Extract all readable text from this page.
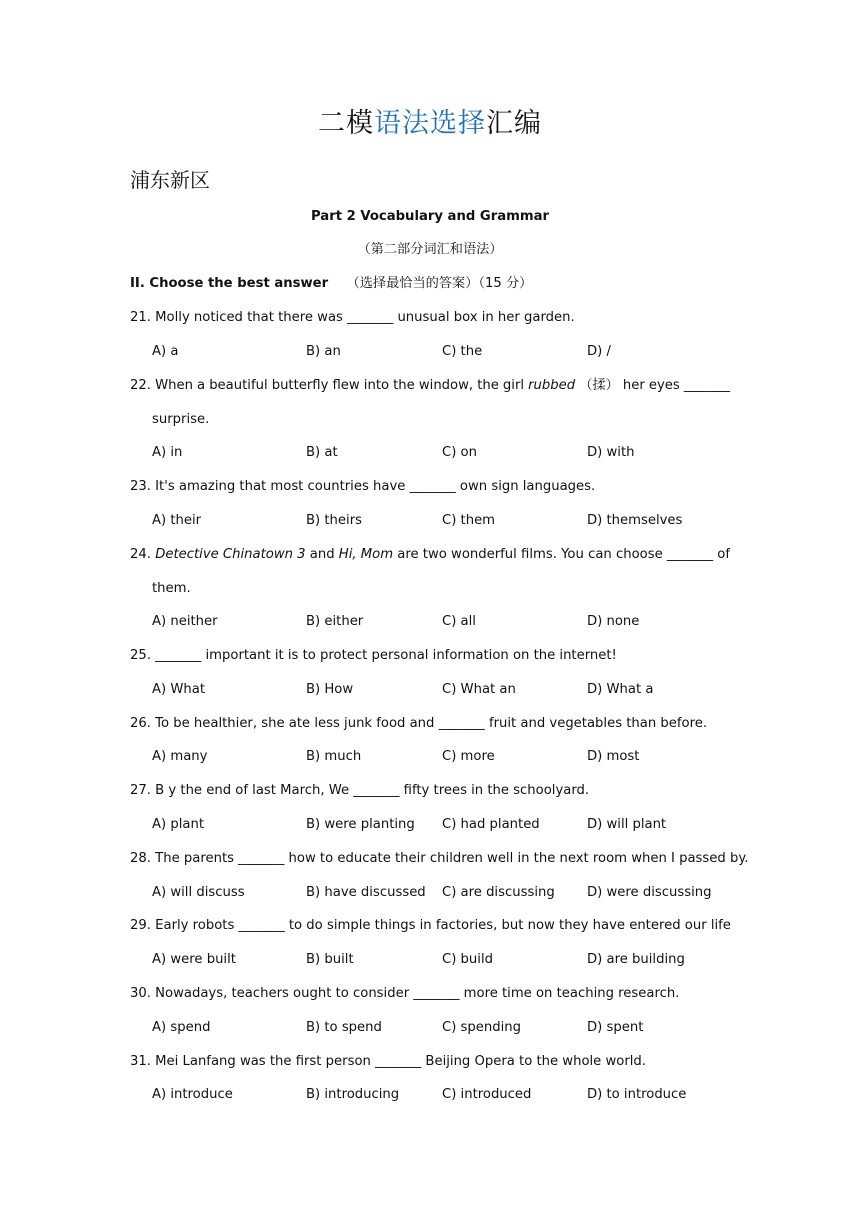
二模语法选择汇编
浦东新区
Part 2 Vocabulary and Grammar
（第二部分词汇和语法）
II. Choose the best answer （选择最恰当的答案）（15 分）
21. Molly noticed that there was _______ unusual box in her garden.
A) a	B) an	C) the	D) /
22. When a beautiful butterfly flew into the window, the girl rubbed （揉） her eyes _______
surprise.
A) in	B) at	C) on	D) with
23. It's amazing that most countries have _______ own sign languages.
A) their	B) theirs	C) them	D) themselves
24. Detective Chinatown 3 and Hi, Mom are two wonderful films. You can choose _______ of
them.
A) neither	B) either	C) all	D) none
25. _______ important it is to protect personal information on the internet!
A) What	B) How	C) What an	D) What a
26. To be healthier, she ate less junk food and _______ fruit and vegetables than before.
A) many	B) much	C) more	D) most
27. B y the end of last March, We _______ fifty trees in the schoolyard.
A) plant	B) were planting C) had planted	D) will plant
28. The parents _______ how to educate their children well in the next room when I passed by.
A) will discuss	B) have discussed C) are discussing D) were discussing
29. Early robots _______ to do simple things in factories, but now they have entered our life
A) were built	B) built	C) build	D) are building
30. Nowadays, teachers ought to consider _______ more time on teaching research.
A) spend	B) to spend	C) spending	D) spent
31. Mei Lanfang was the first person _______ Beijing Opera to the whole world.
A) introduce	B) introducing	C) introduced	D) to introduce
